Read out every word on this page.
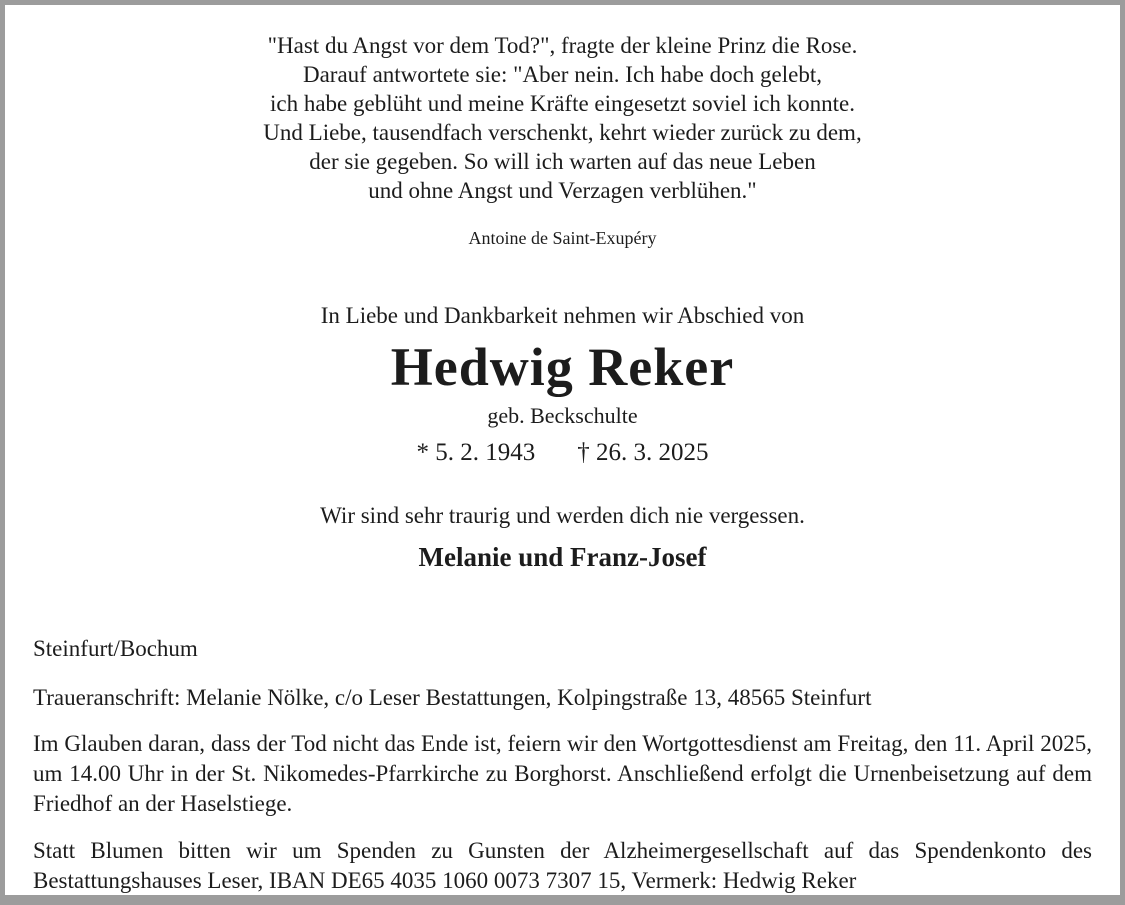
"Hast du Angst vor dem Tod?", fragte der kleine Prinz die Rose.
Darauf antwortete sie: "Aber nein. Ich habe doch gelebt,
ich habe geblüht und meine Kräfte eingesetzt soviel ich konnte.
Und Liebe, tausendfach verschenkt, kehrt wieder zurück zu dem,
der sie gegeben. So will ich warten auf das neue Leben
und ohne Angst und Verzagen verblühen."
Antoine de Saint-Exupéry
In Liebe und Dankbarkeit nehmen wir Abschied von
Hedwig Reker
geb. Beckschulte
* 5. 2. 1943 † 26. 3. 2025
Wir sind sehr traurig und werden dich nie vergessen.
Melanie und Franz-Josef
Steinfurt/Bochum
Traueranschrift: Melanie Nölke, c/o Leser Bestattungen, Kolpingstraße 13, 48565 Steinfurt
Im Glauben daran, dass der Tod nicht das Ende ist, feiern wir den Wortgottesdienst am Freitag, den 11. April 2025, um 14.00 Uhr in der St. Nikomedes-Pfarrkirche zu Borghorst. Anschließend erfolgt die Urnenbeisetzung auf dem Friedhof an der Haselstiege.
Statt Blumen bitten wir um Spenden zu Gunsten der Alzheimergesellschaft auf das Spendenkonto des Bestattungshauses Leser, IBAN DE65 4035 1060 0073 7307 15, Vermerk: Hedwig Reker
